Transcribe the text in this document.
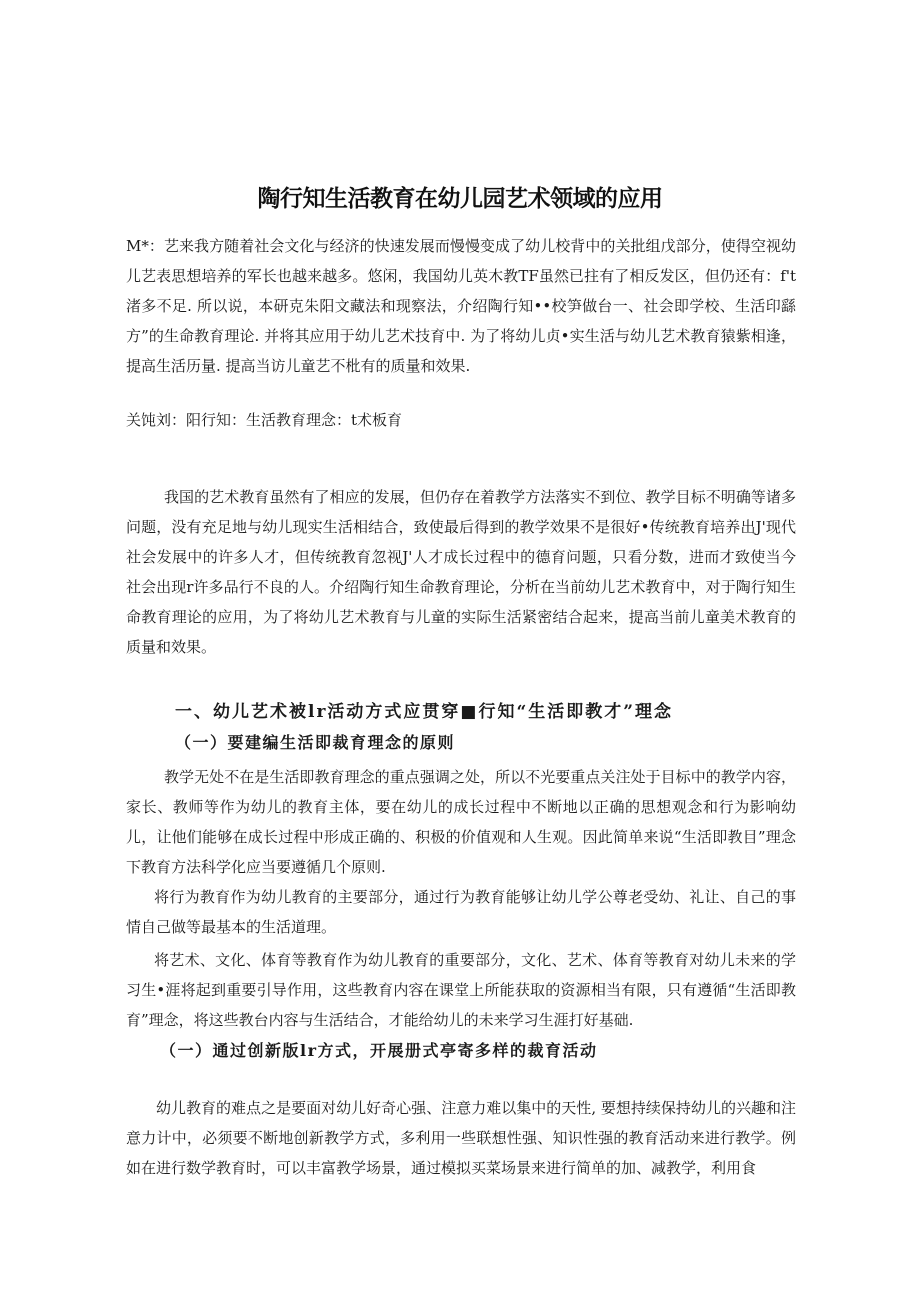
陶行知生活教育在幼儿园艺术领域的应用

M*：艺来我方随着社会文化与经济的快速发展而慢慢变成了幼儿校背中的关批组戊部分，使得空视幼儿艺表思想培养的军长也越来越多。悠闲，我国幼儿英木教TF虽然已拄有了相反发区，但仍还有：f't渚多不足. 所以说，本研克朱阳文藏法和现察法，介绍陶行知••校笋做台一、社会即学校、生活印繇方”的生命教育理论. 并将其应用于幼儿艺术技育中. 为了将幼儿贞•实生活与幼儿艺术教育猿紫相逢，提高生活历量. 提高当访儿童艺不枇有的质量和效果.

关饨刘：阳行知：生活教育理念：t术板育

我国的艺术教育虽然有了相应的发展，但仍存在着教学方法落实不到位、教学目标不明确等诸多问题，没有充足地与幼儿现实生活相结合，致使最后得到的教学效果不是很好•传统教育培养出J'现代社会发展中的许多人才，但传统教育忽视J'人才成长过程中的德育问题，只看分数，进而才致使当今社会出现r许多品行不良的人。介绍陶行知生命教育理论，分析在当前幼儿艺术教育中，对于陶行知生命教育理论的应用，为了将幼儿艺术教育与儿童的实际生活紧密结合起来，提高当前儿童美术教育的质量和效果。

一、幼儿艺术被lr活动方式应贯穿■行知“生活即教才”理念
（一）要建编生活即裁育理念的原则

教学无处不在是生活即教育理念的重点强调之处，所以不光要重点关注处于目标中的教学内容，家长、教师等作为幼儿的教育主体，要在幼儿的成长过程中不断地以正确的思想观念和行为影响幼儿，让他们能够在成长过程中形成正确的、积极的价值观和人生观。因此简单来说“生活即教目”理念下教育方法科学化应当要遵循几个原则.

将行为教育作为幼儿教育的主要部分，通过行为教育能够让幼儿学公尊老受幼、礼让、自己的事情自己做等最基本的生活道理。

将艺术、文化、体育等教育作为幼儿教育的重要部分，文化、艺术、体育等教育对幼儿未来的学习生•涯将起到重要引导作用，这些教育内容在课堂上所能获取的资源相当有限，只有遵循“生活即教育”理念，将这些教台内容与生活结合，才能给幼儿的未来学习生涯打好基础.

（一）通过创新版lr方式，开展册式亭寄多样的裁育活动

幼儿教育的难点之是要面对幼儿好奇心强、注意力难以集中的天性, 要想持续保持幼儿的兴趣和注意力计中，必须要不断地创新教学方式，多利用一些联想性强、知识性强的教育活动来进行教学。例如在进行数学教育时，可以丰富教学场景，通过模拟买菜场景来进行简单的加、减教学，利用食
